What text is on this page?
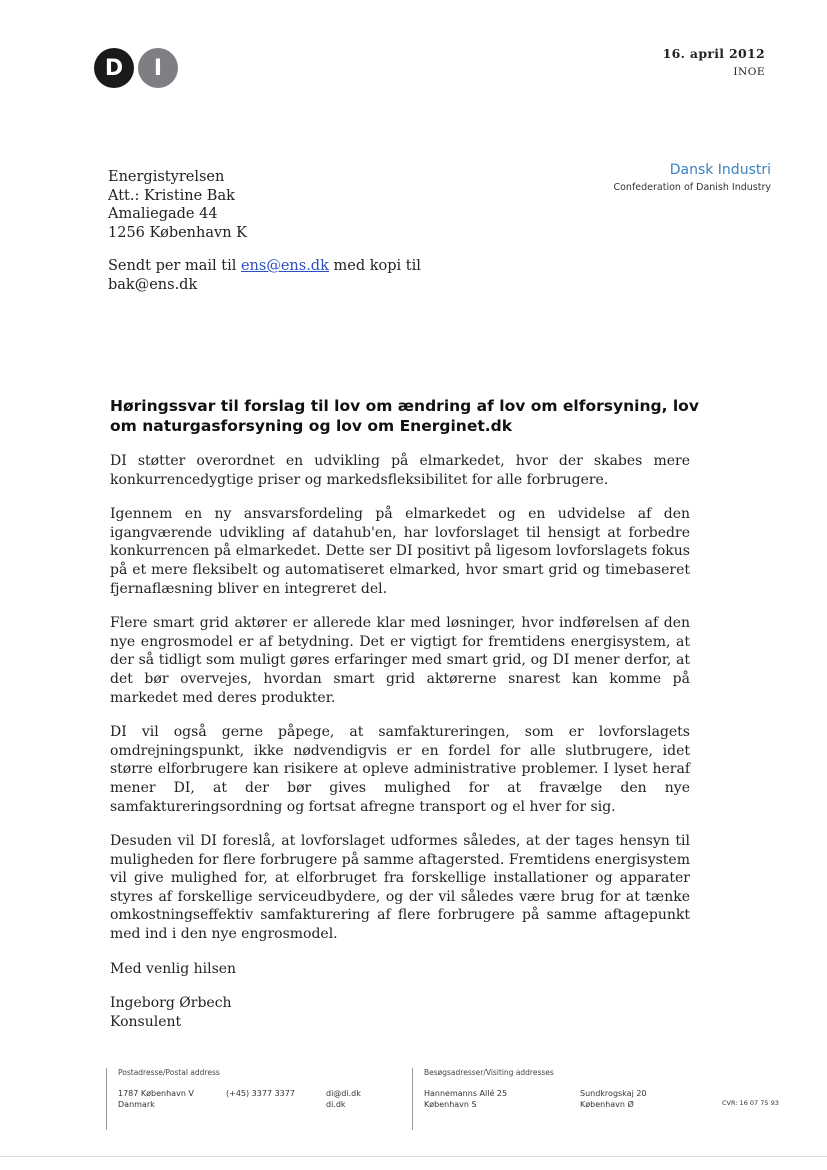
D	I
16. april 2012
INOE
Energistyrelsen
Att.: Kristine Bak
Amaliegade 44
1256 København K
Dansk Industri
Confederation of Danish Industry
Sendt per mail til ens@ens.dk med kopi til
bak@ens.dk
Høringssvar til forslag til lov om ændring af lov om elforsyning, lov om naturgasforsyning og lov om Energinet.dk

DI støtter overordnet en udvikling på elmarkedet, hvor der skabes mere konkurrencedygtige priser og markedsfleksibilitet for alle forbrugere.

Igennem en ny ansvarsfordeling på elmarkedet og en udvidelse af den igangværende udvikling af datahub'en, har lovforslaget til hensigt at forbedre konkurrencen på elmarkedet. Dette ser DI positivt på ligesom lovforslagets fokus på et mere fleksibelt og automatiseret elmarked, hvor smart grid og timebaseret fjernaflæsning bliver en integreret del.

Flere smart grid aktører er allerede klar med løsninger, hvor indførelsen af den nye engrosmodel er af betydning. Det er vigtigt for fremtidens energisystem, at der så tidligt som muligt gøres erfaringer med smart grid, og DI mener derfor, at det bør overvejes, hvordan smart grid aktørerne snarest kan komme på markedet med deres produkter.

DI vil også gerne påpege, at samfaktureringen, som er lovforslagets omdrejningspunkt, ikke nødvendigvis er en fordel for alle slutbrugere, idet større elforbrugere kan risikere at opleve administrative problemer. I lyset heraf mener DI, at der bør gives mulighed for at fravælge den nye samfaktureringsordning og fortsat afregne transport og el hver for sig.

Desuden vil DI foreslå, at lovforslaget udformes således, at der tages hensyn til muligheden for flere forbrugere på samme aftagersted. Fremtidens energisystem vil give mulighed for, at elforbruget fra forskellige installationer og apparater styres af forskellige serviceudbydere, og der vil således være brug for at tænke omkostningseffektiv samfakturering af flere forbrugere på samme aftagepunkt med ind i den nye engrosmodel.

Med venlig hilsen

Ingeborg Ørbech
Konsulent
Postadresse/Postal address
1787 København V
Danmark
(+45) 3377 3377	di@di.dk
di.dk
Besøgsadresser/Visiting addresses
Hannemanns Allé 25
København S
Sundkrogskaj 20
København Ø	CVR: 16 07 75 93
